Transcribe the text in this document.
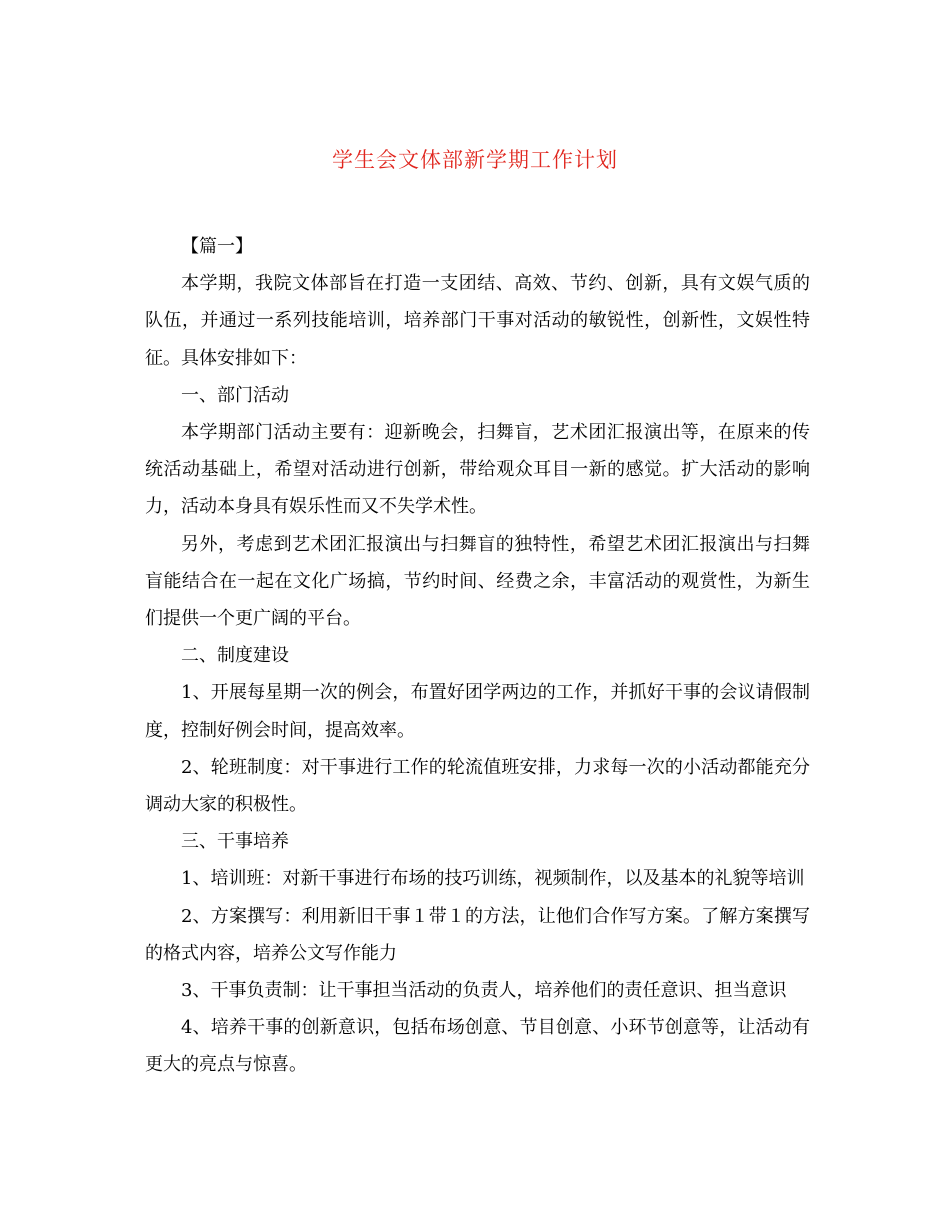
学生会文体部新学期工作计划

【篇一】

本学期，我院文体部旨在打造一支团结、高效、节约、创新，具有文娱气质的队伍，并通过一系列技能培训，培养部门干事对活动的敏锐性，创新性，文娱性特征。具体安排如下：

一、部门活动

本学期部门活动主要有：迎新晚会，扫舞盲，艺术团汇报演出等，在原来的传统活动基础上，希望对活动进行创新，带给观众耳目一新的感觉。扩大活动的影响力，活动本身具有娱乐性而又不失学术性。

另外，考虑到艺术团汇报演出与扫舞盲的独特性，希望艺术团汇报演出与扫舞盲能结合在一起在文化广场搞，节约时间、经费之余，丰富活动的观赏性，为新生们提供一个更广阔的平台。

二、制度建设

1、开展每星期一次的例会，布置好团学两边的工作，并抓好干事的会议请假制度，控制好例会时间，提高效率。

2、轮班制度：对干事进行工作的轮流值班安排，力求每一次的小活动都能充分调动大家的积极性。

三、干事培养

1、培训班：对新干事进行布场的技巧训练，视频制作，以及基本的礼貌等培训

2、方案撰写：利用新旧干事１带１的方法，让他们合作写方案。了解方案撰写的格式内容，培养公文写作能力

3、干事负责制：让干事担当活动的负责人，培养他们的责任意识、担当意识

4、培养干事的创新意识，包括布场创意、节目创意、小环节创意等，让活动有更大的亮点与惊喜。
